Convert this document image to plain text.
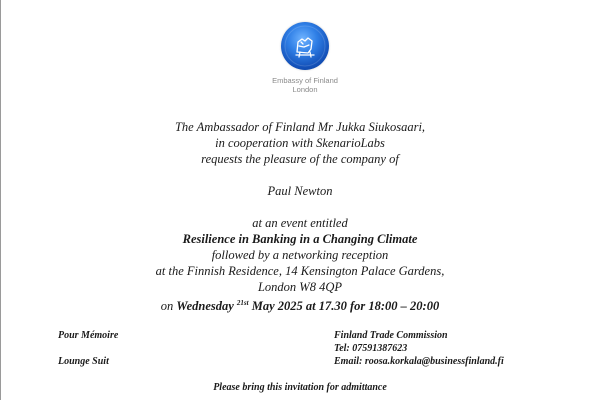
Embassy of Finland
London
The Ambassador of Finland Mr Jukka Siukosaari,
in cooperation with SkenarioLabs
requests the pleasure of the company of
Paul Newton
at an event entitled
Resilience in Banking in a Changing Climate
followed by a networking reception
at the Finnish Residence, 14 Kensington Palace Gardens,
London W8 4QP
on Wednesday $^{21st}$ May 2025 at 17.30 for 18:00 – 20:00
Pour Mémoire
Lounge Suit
Finland Trade Commission
Tel: 07591387623
Email: roosa.korkala@businessfinland.fi
Please bring this invitation for admittance
